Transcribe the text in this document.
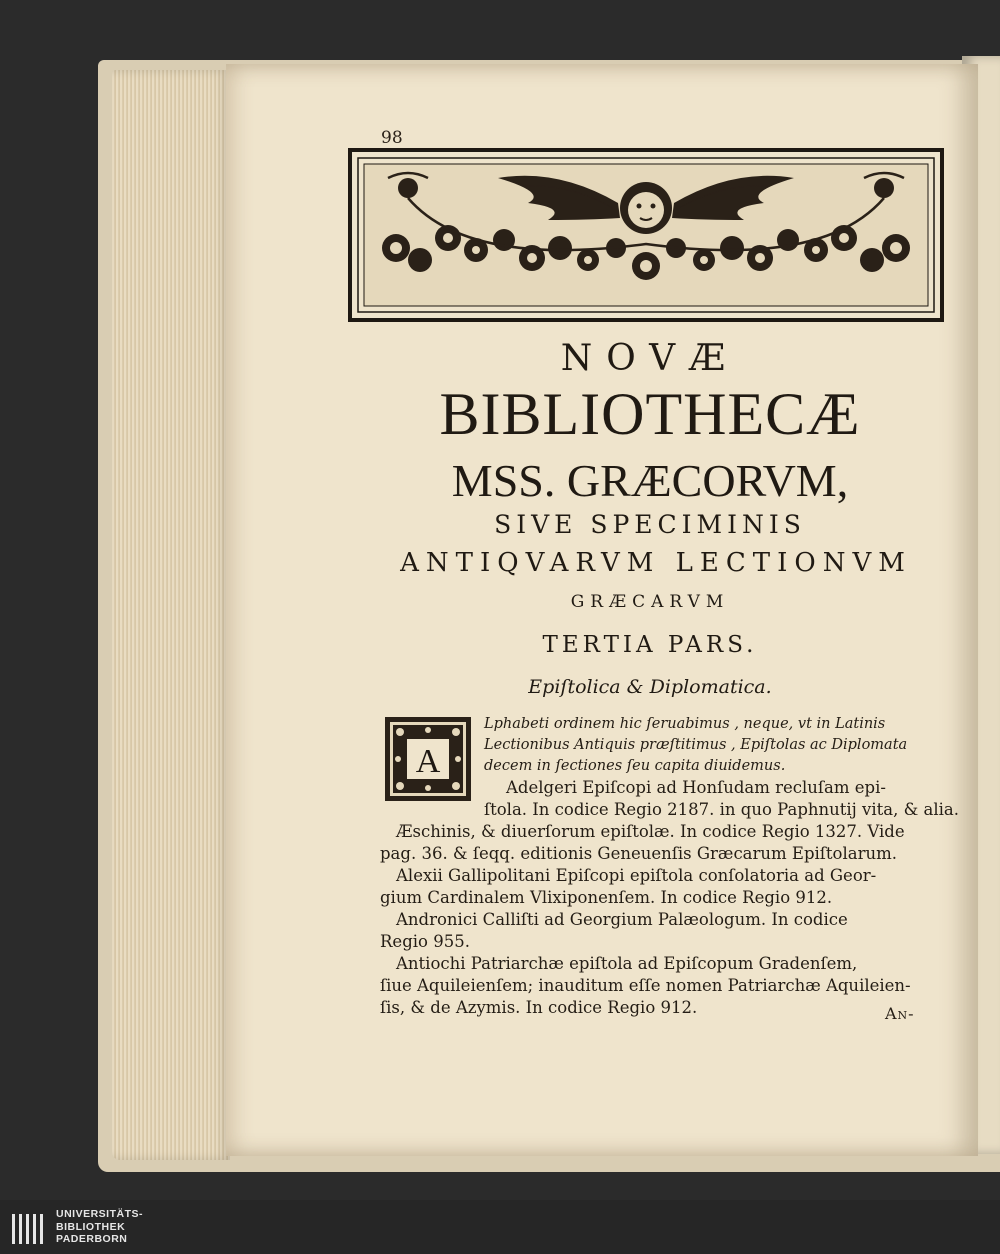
98
NOVÆ
BIBLIOTHECÆ
MSS. GRÆCORVM,
SIVE SPECIMINIS
ANTIQVARVM LECTIONVM
GRÆCARVM
TERTIA PARS.
Epiſtolica & Diplomatica.
A
Lphabeti ordinem hic ſeruabimus , neque, vt in Latinis
Lectionibus Antiquis præſtitimus , Epiſtolas ac Diplomata
decem in ſectiones ſeu capita diuidemus.
Adelgeri Epiſcopi ad Honſudam recluſam epi-
ſtola. In codice Regio 2187. in quo Paphnutij vita, & alia.
Æschinis, & diuerſorum epiſtolæ. In codice Regio 1327. Vide
pag. 36. & ſeqq. editionis Geneuenſis Græcarum Epiſtolarum.
Alexii Gallipolitani Epiſcopi epiſtola conſolatoria ad Geor-
gium Cardinalem Vlixiponenſem. In codice Regio 912.
Andronici Calliſti ad Georgium Palæologum. In codice
Regio 955.
Antiochi Patriarchæ epiſtola ad Epiſcopum Gradenſem,
ſiue Aquileienſem; inauditum eſſe nomen Patriarchæ Aquileien-
ſis, & de Azymis. In codice Regio 912.	An-
UNIVERSITÄTS-
BIBLIOTHEK
PADERBORN
